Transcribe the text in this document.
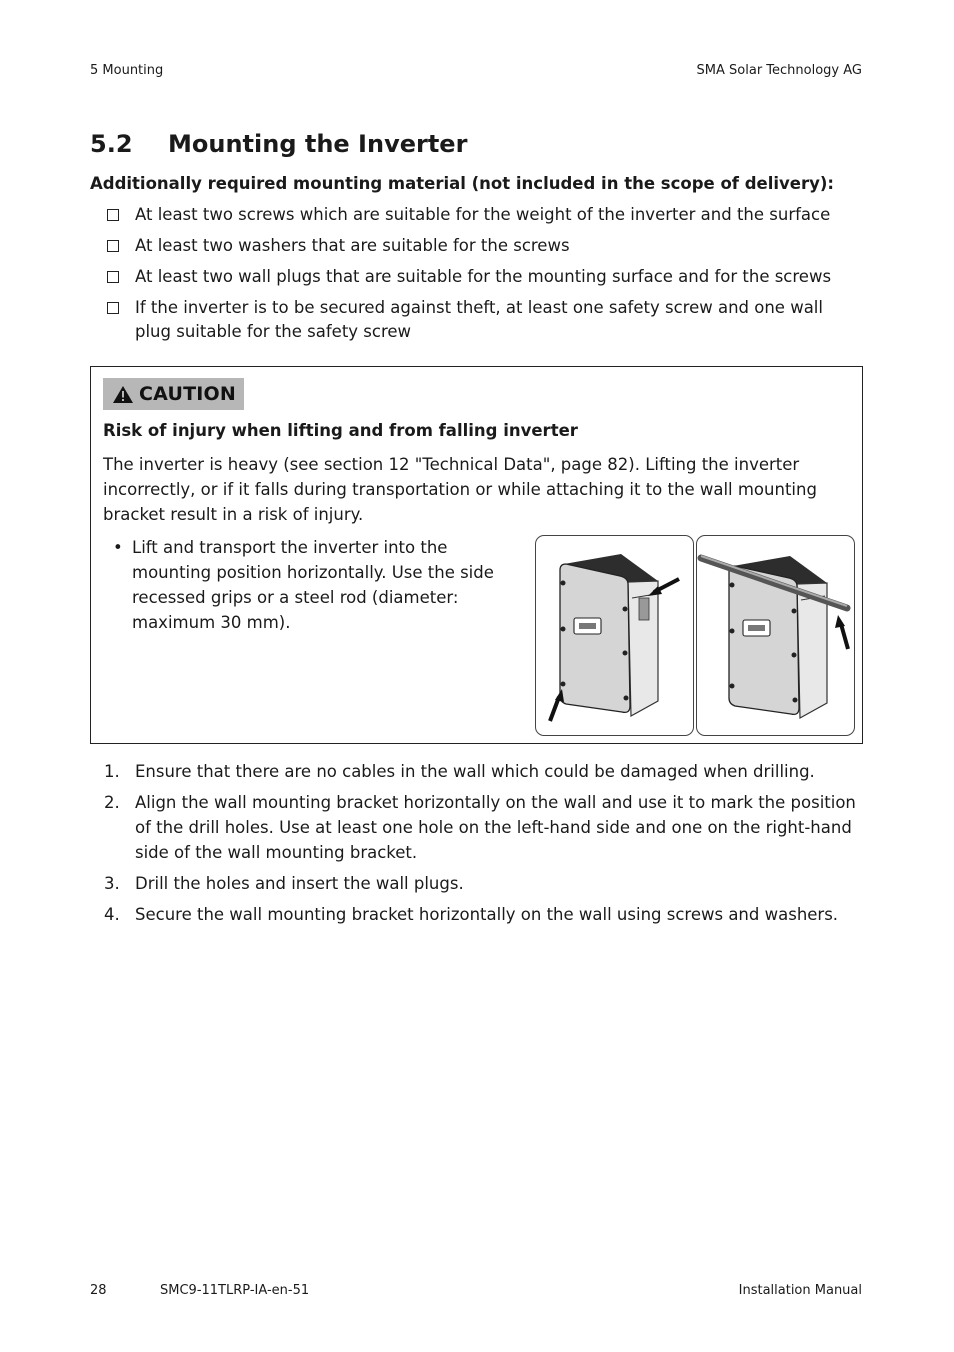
5 Mounting	SMA Solar Technology AG
5.2 Mounting the Inverter
Additionally required mounting material (not included in the scope of delivery):
At least two screws which are suitable for the weight of the inverter and the surface
At least two washers that are suitable for the screws
At least two wall plugs that are suitable for the mounting surface and for the screws
If the inverter is to be secured against theft, at least one safety screw and one wall plug suitable for the safety screw
CAUTION
Risk of injury when lifting and from falling inverter
The inverter is heavy (see section 12 "Technical Data", page 82). Lifting the inverter incorrectly, or if it falls during transportation or while attaching it to the wall mounting bracket result in a risk of injury.
• Lift and transport the inverter into the mounting position horizontally. Use the side recessed grips or a steel rod (diameter: maximum 30 mm).
1. Ensure that there are no cables in the wall which could be damaged when drilling.
2. Align the wall mounting bracket horizontally on the wall and use it to mark the position of the drill holes. Use at least one hole on the left-hand side and one on the right-hand side of the wall mounting bracket.
3. Drill the holes and insert the wall plugs.
4. Secure the wall mounting bracket horizontally on the wall using screws and washers.
28	SMC9-11TLRP-IA-en-51	Installation Manual
